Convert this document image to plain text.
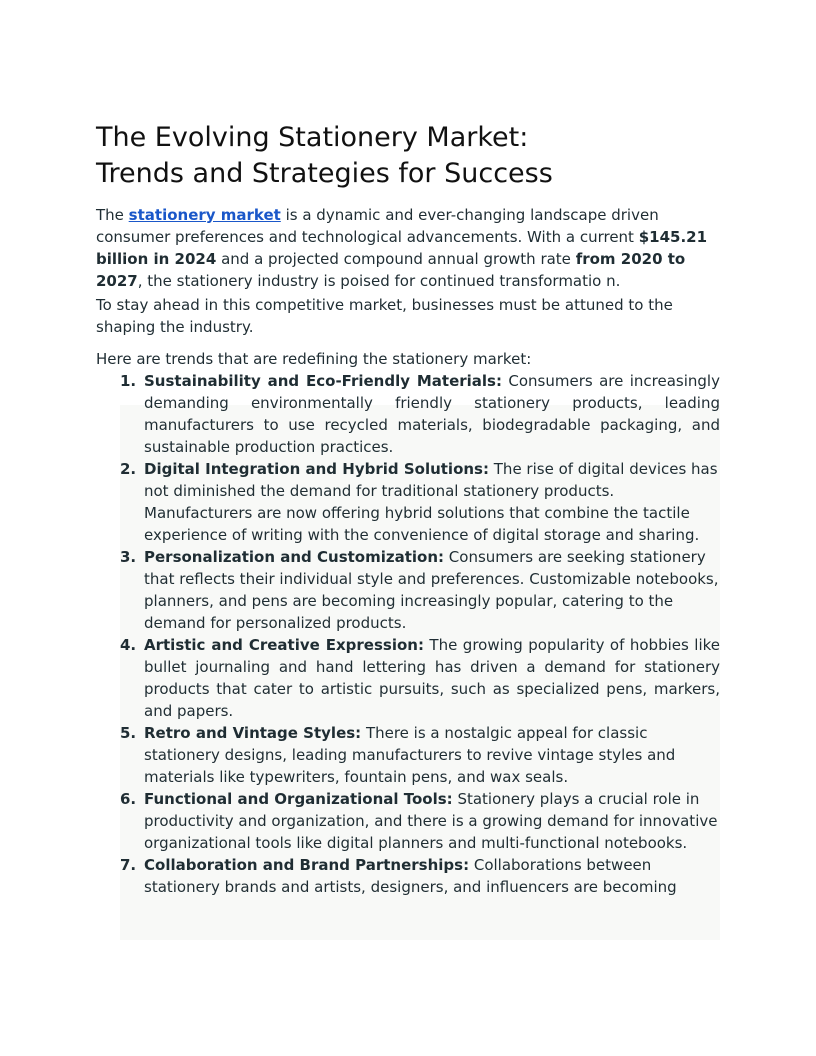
The Evolving Stationery Market:
Trends and Strategies for Success

The stationery market is a dynamic and ever-changing landscape driven consumer preferences and technological advancements. With a current $145.21 billion in 2024 and a projected compound annual growth rate from 2020 to 2027, the stationery industry is poised for continued transformatio n.

To stay ahead in this competitive market, businesses must be attuned to the shaping the industry.

Here are trends that are redefining the stationery market:

1. Sustainability and Eco-Friendly Materials: Consumers are increasingly demanding environmentally friendly stationery products, leading manufacturers to use recycled materials, biodegradable packaging, and sustainable production practices.
2. Digital Integration and Hybrid Solutions: The rise of digital devices has not diminished the demand for traditional stationery products. Manufacturers are now offering hybrid solutions that combine the tactile experience of writing with the convenience of digital storage and sharing.
3. Personalization and Customization: Consumers are seeking stationery that reflects their individual style and preferences. Customizable notebooks, planners, and pens are becoming increasingly popular, catering to the demand for personalized products.
4. Artistic and Creative Expression: The growing popularity of hobbies like bullet journaling and hand lettering has driven a demand for stationery products that cater to artistic pursuits, such as specialized pens, markers, and papers.
5. Retro and Vintage Styles: There is a nostalgic appeal for classic stationery designs, leading manufacturers to revive vintage styles and materials like typewriters, fountain pens, and wax seals.
6. Functional and Organizational Tools: Stationery plays a crucial role in productivity and organization, and there is a growing demand for innovative organizational tools like digital planners and multi-functional notebooks.
7. Collaboration and Brand Partnerships: Collaborations between stationery brands and artists, designers, and influencers are becoming
